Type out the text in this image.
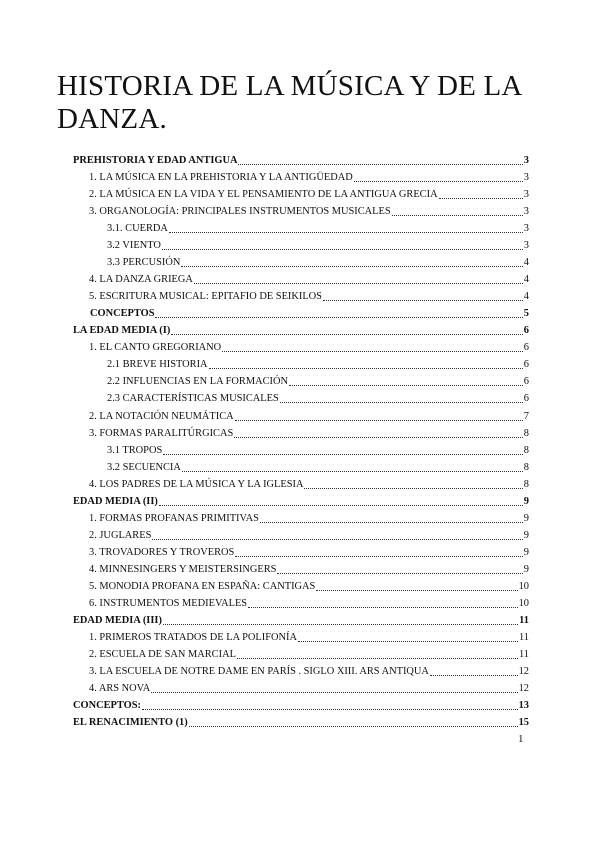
HISTORIA DE LA MÚSICA Y DE LA DANZA.
PREHISTORIA Y EDAD ANTIGUA	3
1. LA MÚSICA EN LA PREHISTORIA Y LA ANTIGÜEDAD	3
2. LA MÚSICA EN LA VIDA Y EL PENSAMIENTO DE LA ANTIGUA GRECIA	3
3. ORGANOLOGÍA: PRINCIPALES INSTRUMENTOS MUSICALES	3
3.1. CUERDA	3
3.2 VIENTO	3
3.3 PERCUSIÓN	4
4. LA DANZA GRIEGA	4
5. ESCRITURA MUSICAL: EPITAFIO DE SEIKILOS	4
CONCEPTOS	5
LA EDAD MEDIA (I)	6
1. EL CANTO GREGORIANO	6
2.1 BREVE HISTORIA	6
2.2 INFLUENCIAS EN LA FORMACIÓN	6
2.3 CARACTERÍSTICAS MUSICALES	6
2. LA NOTACIÓN NEUMÁTICA	7
3. FORMAS PARALITÚRGICAS	8
3.1 TROPOS	8
3.2 SECUENCIA	8
4. LOS PADRES DE LA MÚSICA Y LA IGLESIA	8
EDAD MEDIA (II)	9
1. FORMAS PROFANAS PRIMITIVAS	9
2. JUGLARES	9
3. TROVADORES Y TROVEROS	9
4. MINNESINGERS Y MEISTERSINGERS	9
5. MONODIA PROFANA EN ESPAÑA: CANTIGAS	10
6. INSTRUMENTOS MEDIEVALES	10
EDAD MEDIA (III)	11
1. PRIMEROS TRATADOS DE LA POLIFONÍA	11
2. ESCUELA DE SAN MARCIAL	11
3. LA ESCUELA DE NOTRE DAME EN PARÍS . SIGLO XIII. ARS ANTIQUA	12
4. ARS NOVA	12
CONCEPTOS:	13
EL RENACIMIENTO (1)	15
1
